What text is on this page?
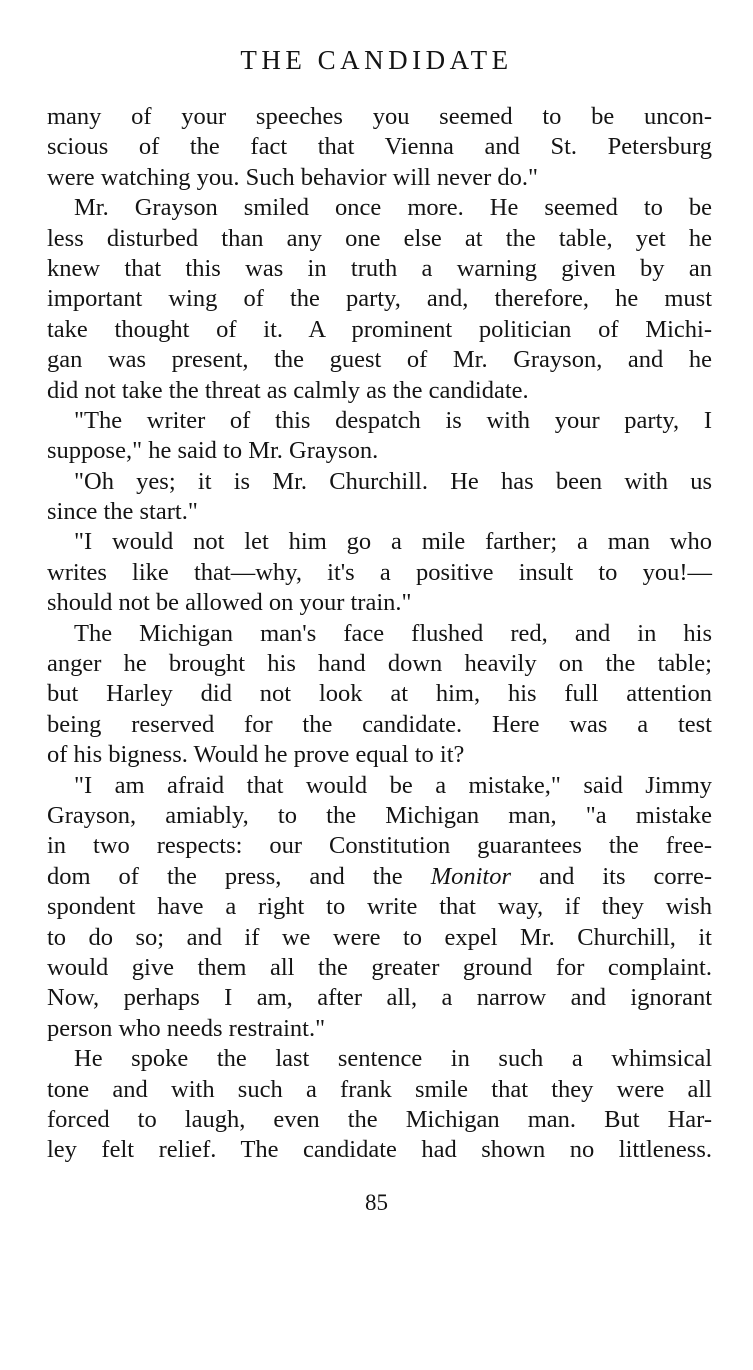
THE CANDIDATE
many of your speeches you seemed to be uncon-
scious of the fact that Vienna and St. Petersburg
were watching you. Such behavior will never do."
Mr. Grayson smiled once more. He seemed to be
less disturbed than any one else at the table, yet he
knew that this was in truth a warning given by an
important wing of the party, and, therefore, he must
take thought of it. A prominent politician of Michi-
gan was present, the guest of Mr. Grayson, and he
did not take the threat as calmly as the candidate.
"The writer of this despatch is with your party, I
suppose," he said to Mr. Grayson.
"Oh yes; it is Mr. Churchill. He has been with us
since the start."
"I would not let him go a mile farther; a man who
writes like that—why, it's a positive insult to you!—
should not be allowed on your train."
The Michigan man's face flushed red, and in his
anger he brought his hand down heavily on the table;
but Harley did not look at him, his full attention
being reserved for the candidate. Here was a test
of his bigness. Would he prove equal to it?
"I am afraid that would be a mistake," said Jimmy
Grayson, amiably, to the Michigan man, "a mistake
in two respects: our Constitution guarantees the free-
dom of the press, and the Monitor and its corre-
spondent have a right to write that way, if they wish
to do so; and if we were to expel Mr. Churchill, it
would give them all the greater ground for complaint.
Now, perhaps I am, after all, a narrow and ignorant
person who needs restraint."
He spoke the last sentence in such a whimsical
tone and with such a frank smile that they were all
forced to laugh, even the Michigan man. But Har-
ley felt relief. The candidate had shown no littleness.
85
